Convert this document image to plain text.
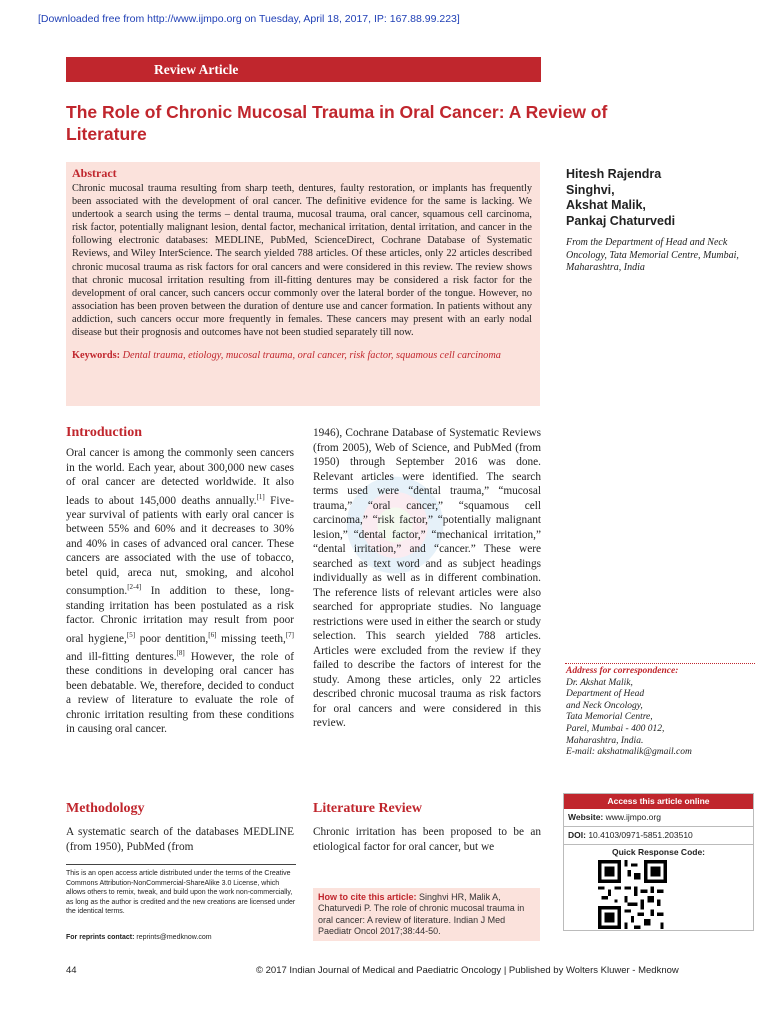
[Downloaded free from http://www.ijmpo.org on Tuesday, April 18, 2017, IP: 167.88.99.223]
Review Article
The Role of Chronic Mucosal Trauma in Oral Cancer: A Review of Literature
Abstract
Chronic mucosal trauma resulting from sharp teeth, dentures, faulty restoration, or implants has frequently been associated with the development of oral cancer. The definitive evidence for the same is lacking. We undertook a search using the terms – dental trauma, mucosal trauma, oral cancer, squamous cell carcinoma, risk factor, potentially malignant lesion, dental factor, mechanical irritation, dental irritation, and cancer in the following electronic databases: MEDLINE, PubMed, ScienceDirect, Cochrane Database of Systematic Reviews, and Wiley InterScience. The search yielded 788 articles. Of these articles, only 22 articles described chronic mucosal trauma as risk factors for oral cancers and were considered in this review. The review shows that chronic mucosal irritation resulting from ill-fitting dentures may be considered a risk factor for the development of oral cancer, such cancers occur commonly over the lateral border of the tongue. However, no association has been proven between the duration of denture use and cancer formation. In patients without any addiction, such cancers occur more frequently in females. These cancers may present with an early nodal disease but their prognosis and outcomes have not been studied separately till now.
Keywords: Dental trauma, etiology, mucosal trauma, oral cancer, risk factor, squamous cell carcinoma
Hitesh Rajendra
Singhvi,
Akshat Malik,
Pankaj Chaturvedi
From the Department of Head and Neck Oncology, Tata Memorial Centre, Mumbai, Maharashtra, India
Introduction
Oral cancer is among the commonly seen cancers in the world. Each year, about 300,000 new cases of oral cancer are detected worldwide. It also leads to about 145,000 deaths annually.[1] Five-year survival of patients with early oral cancer is between 55% and 60% and it decreases to 30% and 40% in cases of advanced oral cancer. These cancers are associated with the use of tobacco, betel quid, areca nut, smoking, and alcohol consumption.[2-4] In addition to these, long-standing irritation has been postulated as a risk factor. Chronic irritation may result from poor oral hygiene,[5] poor dentition,[6] missing teeth,[7] and ill-fitting dentures.[8] However, the role of these conditions in developing oral cancer has been debatable. We, therefore, decided to conduct a review of literature to evaluate the role of chronic irritation resulting from these conditions in causing oral cancer.
Methodology
A systematic search of the databases MEDLINE (from 1950), PubMed (from
1946), Cochrane Database of Systematic Reviews (from 2005), Web of Science, and PubMed (from 1950) through September 2016 was done. Relevant articles were identified. The search terms used were “dental trauma,” “mucosal trauma,” “oral cancer,” “squamous cell carcinoma,” “risk factor,” “potentially malignant lesion,” “dental factor,” “mechanical irritation,” “dental irritation,” and “cancer.” These were searched as text word and as subject headings individually as well as in different combination. The reference lists of relevant articles were also searched for appropriate studies. No language restrictions were used in either the search or study selection. This search yielded 788 articles. Articles were excluded from the review if they failed to describe the factors of interest for the study. Among these articles, only 22 articles described chronic mucosal trauma as risk factors for oral cancers and were considered in this review.
Literature Review
Chronic irritation has been proposed to be an etiological factor for oral cancer, but we
This is an open access article distributed under the terms of the Creative Commons Attribution-NonCommercial-ShareAlike 3.0 License, which allows others to remix, tweak, and build upon the work non-commercially, as long as the author is credited and the new creations are licensed under the identical terms.
For reprints contact: reprints@medknow.com
How to cite this article: Singhvi HR, Malik A, Chaturvedi P. The role of chronic mucosal trauma in oral cancer: A review of literature. Indian J Med Paediatr Oncol 2017;38:44-50.
Address for correspondence:
Dr. Akshat Malik,
Department of Head
and Neck Oncology,
Tata Memorial Centre,
Parel, Mumbai - 400 012,
Maharashtra, India.
E-mail: akshatmalik@gmail.com
Access this article online
Website: www.ijmpo.org
DOI: 10.4103/0971-5851.203510
Quick Response Code:
44	© 2017 Indian Journal of Medical and Paediatric Oncology | Published by Wolters Kluwer - Medknow
